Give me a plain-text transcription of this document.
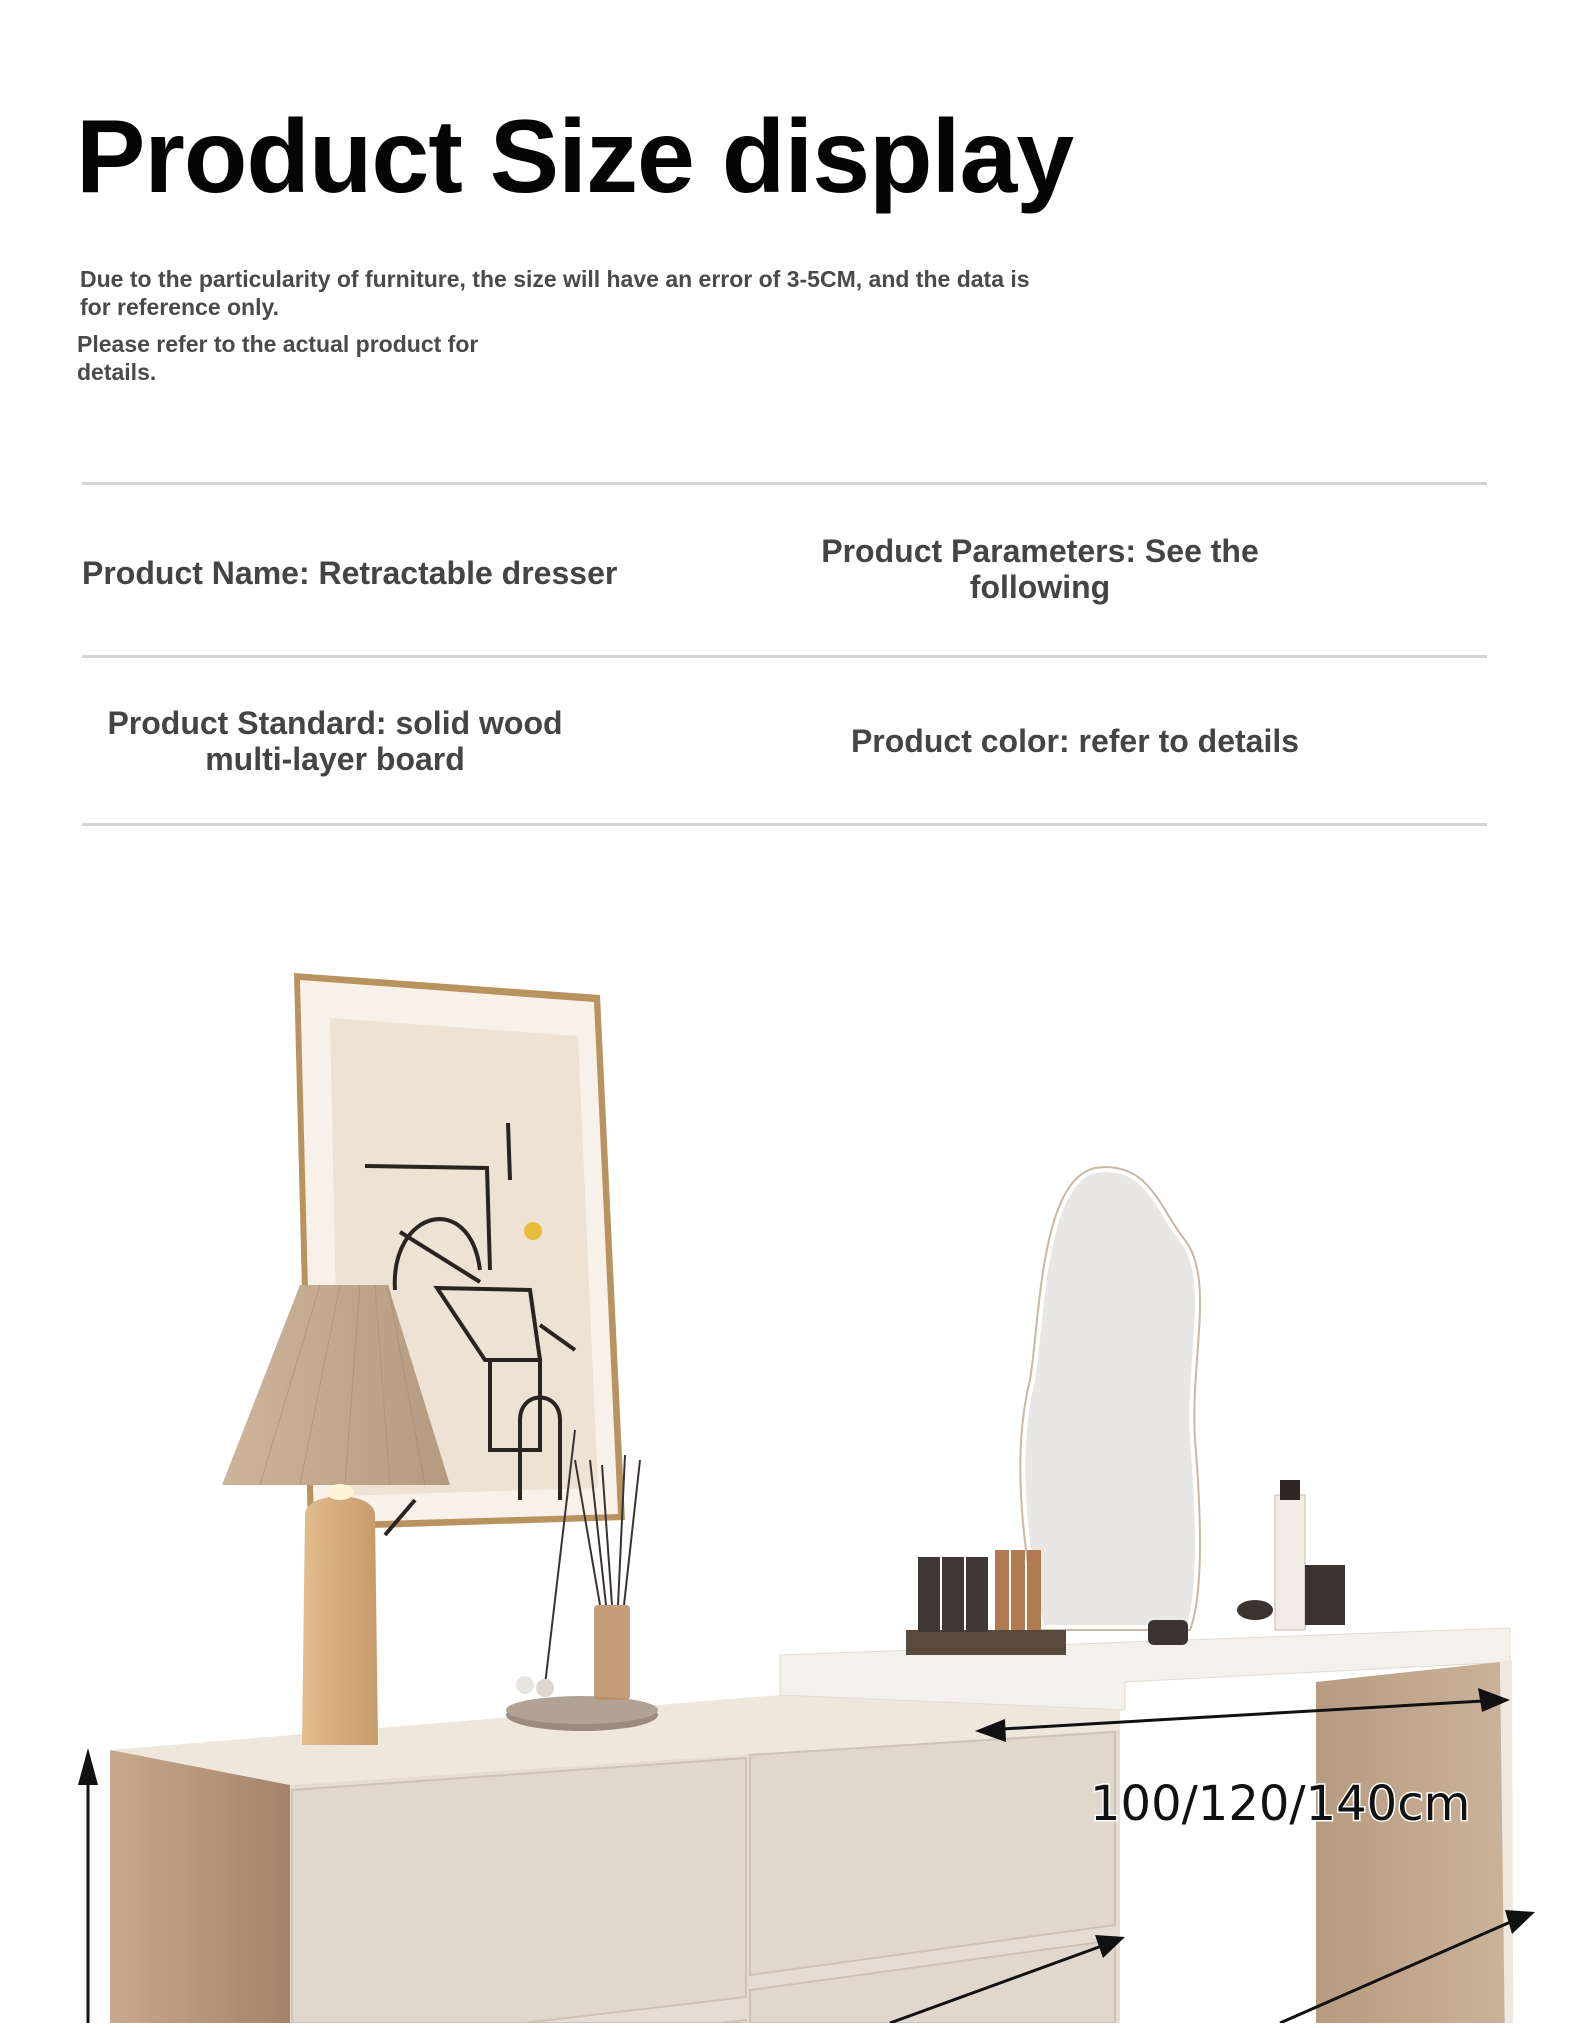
Product Size display
Due to the particularity of furniture, the size will have an error of 3-5CM, and the data is for reference only.
Please refer to the actual product for details.
Product Name: Retractable dresser
Product Parameters: See the following
Product Standard: solid wood multi-layer board	Product color: refer to details
100/120/140cm
